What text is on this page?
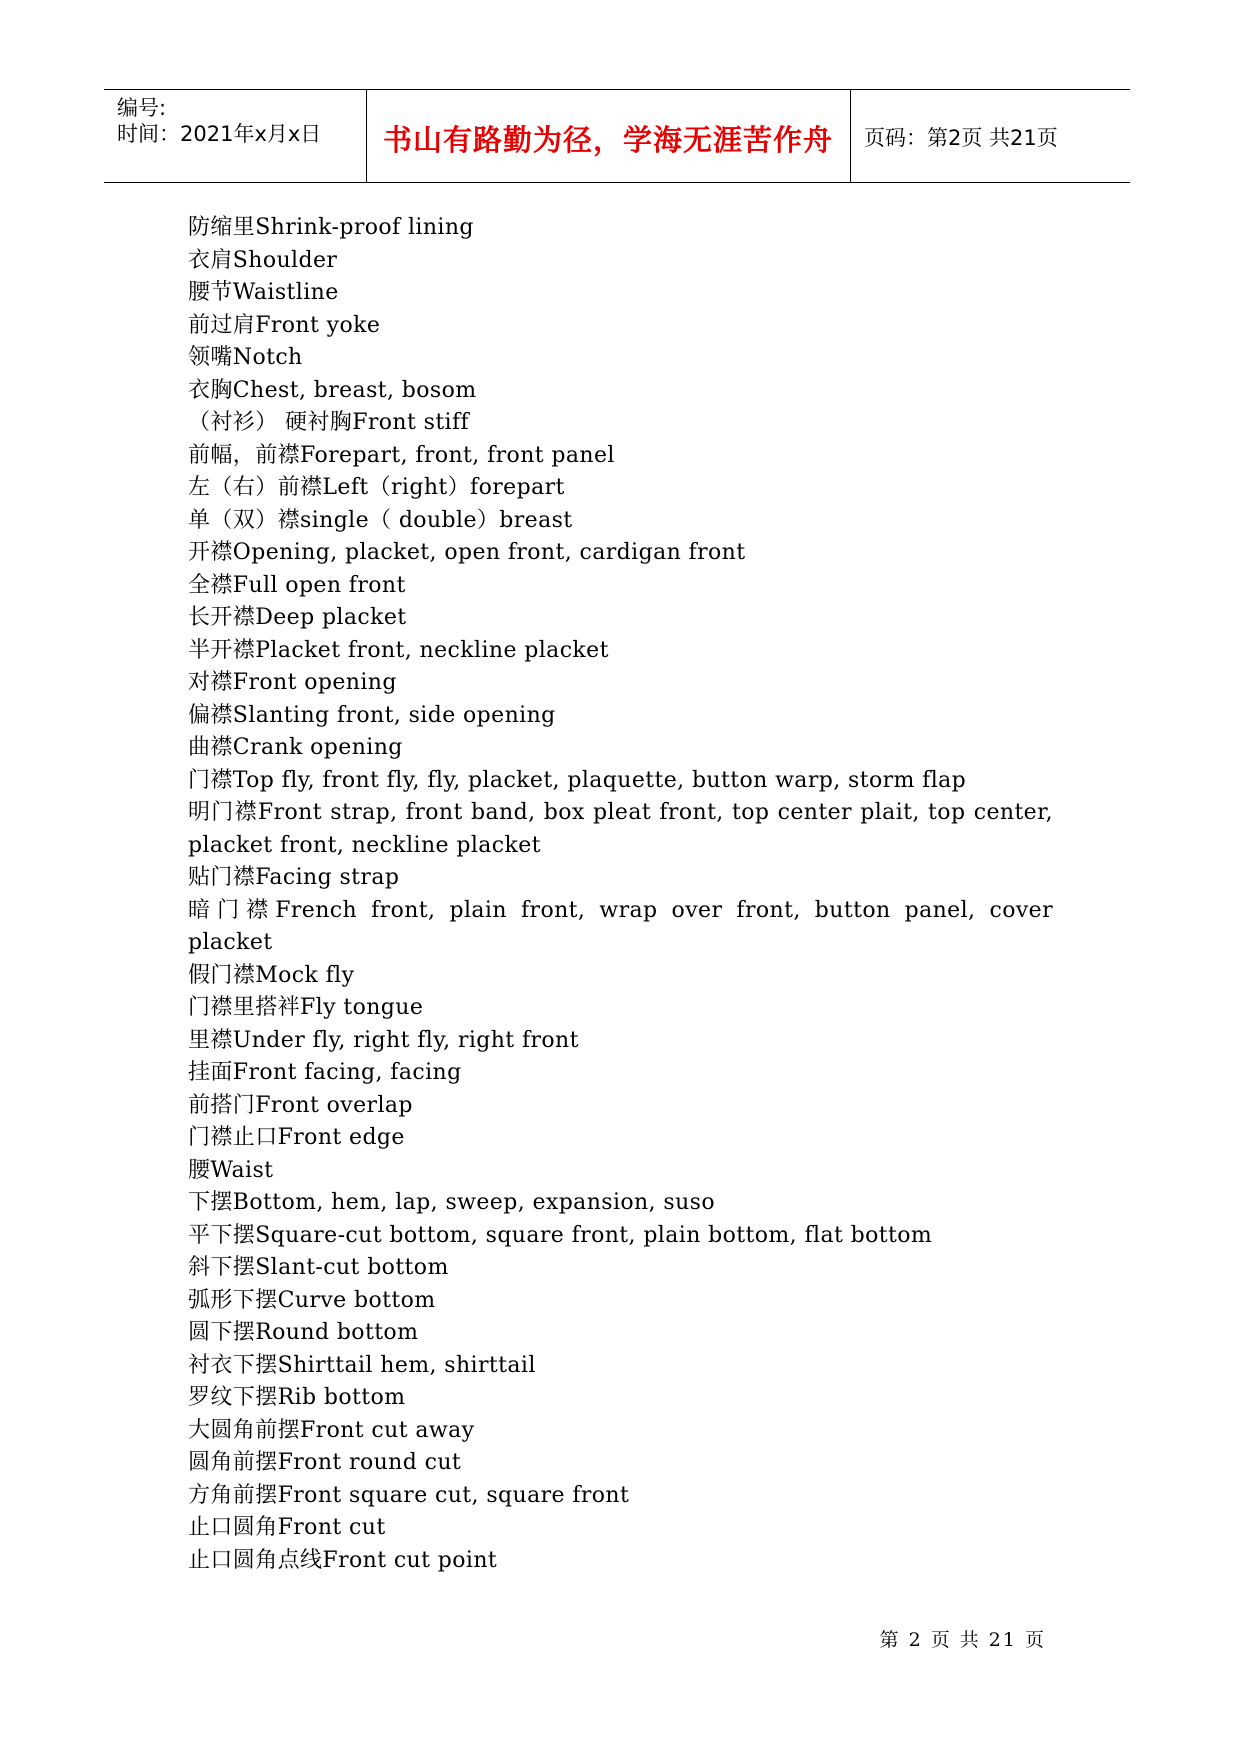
编号:
时间：2021年x月x日	书山有路勤为径，学海无涯苦作舟	页码：第2页 共21页
防缩里Shrink-proof lining
衣肩Shoulder
腰节Waistline
前过肩Front yoke
领嘴Notch
衣胸Chest, breast, bosom
（衬衫） 硬衬胸Front stiff
前幅，前襟Forepart, front, front panel
左（右）前襟Left（right）forepart
单（双）襟single（ double）breast
开襟Opening, placket, open front, cardigan front
全襟Full open front
长开襟Deep placket
半开襟Placket front, neckline placket
对襟Front opening
偏襟Slanting front, side opening
曲襟Crank opening
门襟Top fly, front fly, fly, placket, plaquette, button warp, storm flap
明门襟Front strap, front band, box pleat front, top center plait, top center, placket front, neckline placket
贴门襟Facing strap
暗门襟French front, plain front, wrap over front, button panel, cover placket
假门襟Mock fly
门襟里搭袢Fly tongue
里襟Under fly, right fly, right front
挂面Front facing, facing
前搭门Front overlap
门襟止口Front edge
腰Waist
下摆Bottom, hem, lap, sweep, expansion, suso
平下摆Square-cut bottom, square front, plain bottom, flat bottom
斜下摆Slant-cut bottom
弧形下摆Curve bottom
圆下摆Round bottom
衬衣下摆Shirttail hem, shirttail
罗纹下摆Rib bottom
大圆角前摆Front cut away
圆角前摆Front round cut
方角前摆Front square cut, square front
止口圆角Front cut
止口圆角点线Front cut point
第 2 页 共 21 页
